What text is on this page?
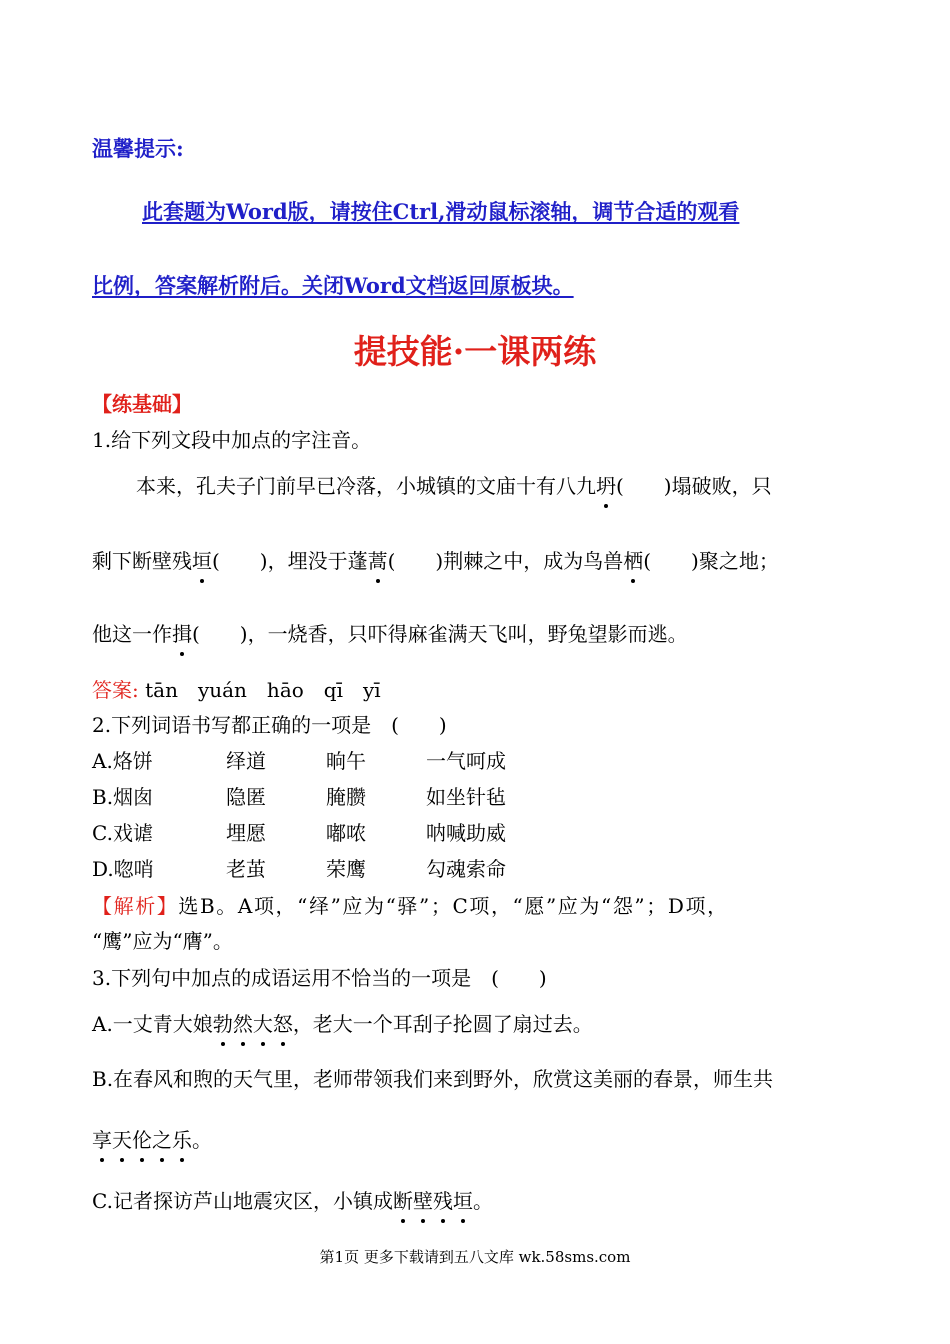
温馨提示:
此套题为Word版，请按住Ctrl,滑动鼠标滚轴，调节合适的观看
比例，答案解析附后。关闭Word文档返回原板块。
提技能·一课两练
【练基础】
1.给下列文段中加点的字注音。
本来，孔夫子门前早已冷落，小城镇的文庙十有八九坍(　　)塌破败，只
剩下断壁残垣(　　)，埋没于蓬蒿(　　)荆棘之中，成为鸟兽栖(　　)聚之地；
他这一作揖(　　)，一烧香，只吓得麻雀满天飞叫，野兔望影而逃。
答案: tān　yuán　hāo　qī　yī
2.下列词语书写都正确的一项是　(　　)
A.烙饼	绎道	晌午	一气呵成
B.烟囱	隐匿	腌臜	如坐针毡
C.戏谑	埋愿	嘟哝	呐喊助威
D.唿哨	老茧	荣鹰	勾魂索命
【解析】选B。A项，“绎”应为“驿”；C项，“愿”应为“怨”；D项，
“鹰”应为“膺”。
3.下列句中加点的成语运用不恰当的一项是　(　　)
A.一丈青大娘勃然大怒，老大一个耳刮子抡圆了扇过去。
B.在春风和煦的天气里，老师带领我们来到野外，欣赏这美丽的春景，师生共
享天伦之乐。
C.记者探访芦山地震灾区，小镇成断壁残垣。
第1页 更多下载请到五八文库 wk.58sms.com
